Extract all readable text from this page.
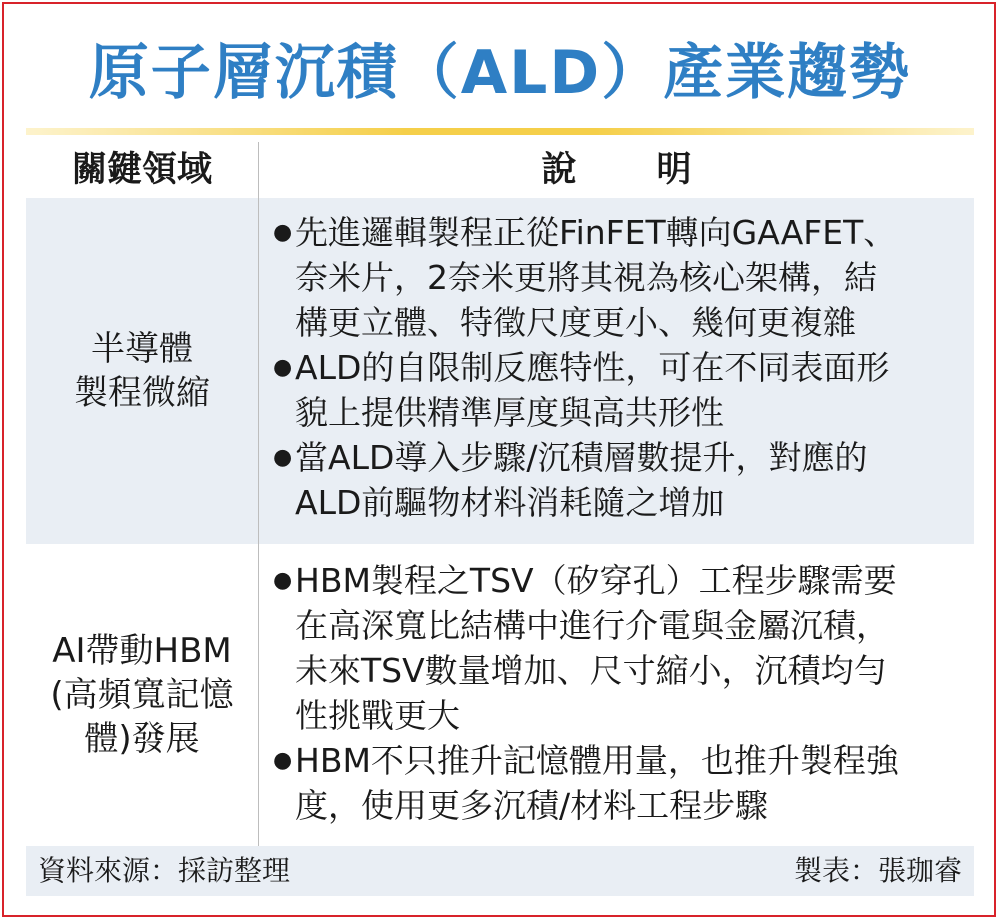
原子層沉積（ALD）產業趨勢
關鍵領域	說明
半導體
製程微縮
● 先進邏輯製程正從FinFET轉向GAAFET、
奈米片，2奈米更將其視為核心架構，結
構更立體、特徵尺度更小、幾何更複雜
● ALD的自限制反應特性，可在不同表面形
貌上提供精準厚度與高共形性
● 當ALD導入步驟/沉積層數提升，對應的
ALD前驅物材料消耗隨之增加
AI帶動HBM
(高頻寬記憶
體)發展
● HBM製程之TSV（矽穿孔）工程步驟需要
在高深寬比結構中進行介電與金屬沉積，
未來TSV數量增加、尺寸縮小，沉積均勻
性挑戰更大
● HBM不只推升記憶體用量，也推升製程強
度，使用更多沉積/材料工程步驟
資料來源：採訪整理	製表：張珈睿
